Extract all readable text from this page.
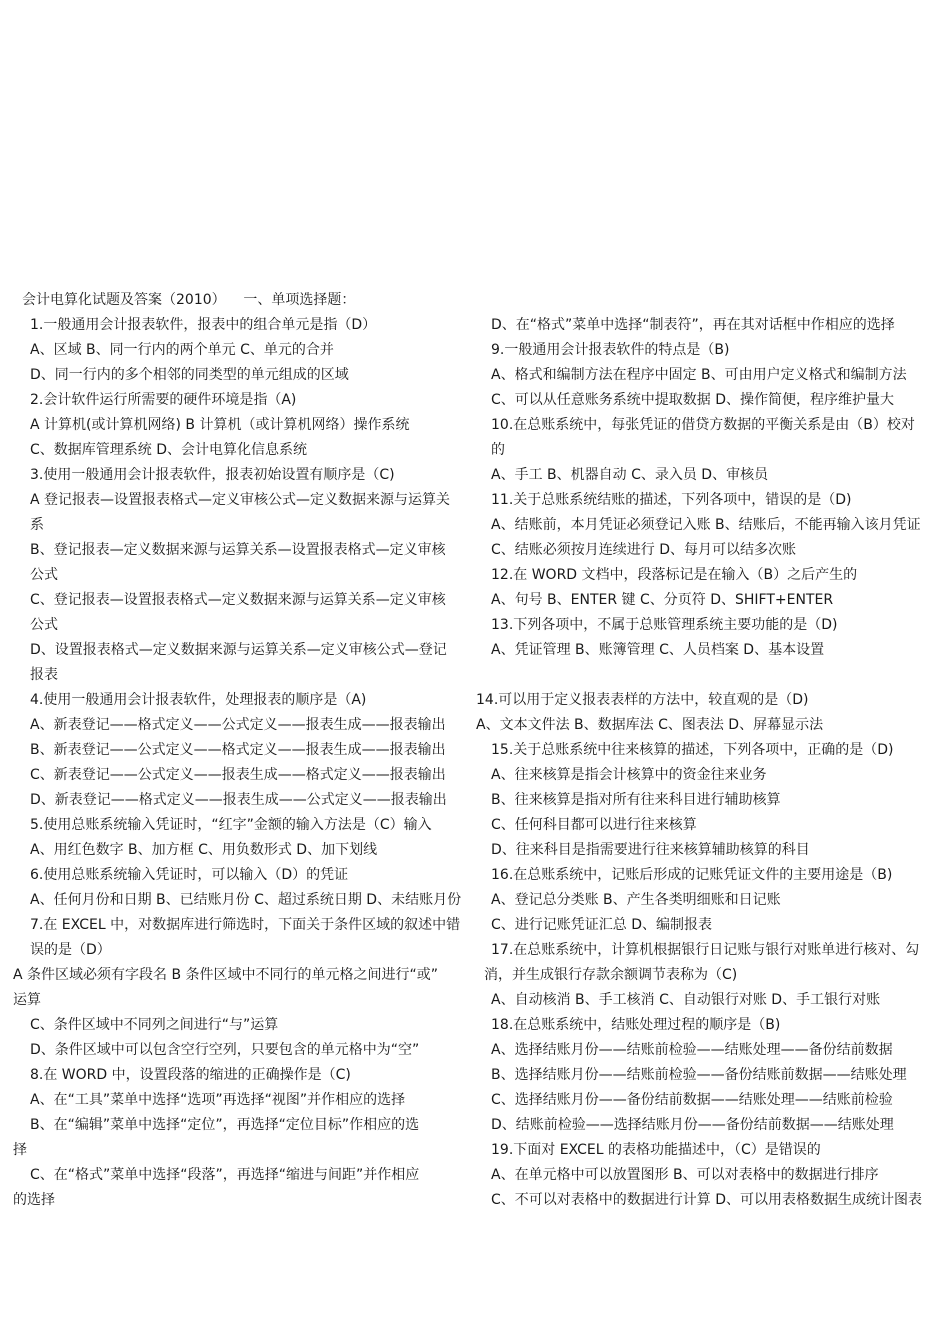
会计电算化试题及答案（2010）    一、单项选择题：
1.一般通用会计报表软件，报表中的组合单元是指（D）
A、区域 B、同一行内的两个单元 C、单元的合并
D、同一行内的多个相邻的同类型的单元组成的区域
2.会计软件运行所需要的硬件环境是指（A)
A 计算机(或计算机网络) B 计算机（或计算机网络）操作系统
C、数据库管理系统 D、会计电算化信息系统
3.使用一般通用会计报表软件，报表初始设置有顺序是（C)
A 登记报表—设置报表格式—定义审核公式—定义数据来源与运算关
系
B、登记报表—定义数据来源与运算关系—设置报表格式—定义审核
公式
C、登记报表—设置报表格式—定义数据来源与运算关系—定义审核
公式
D、设置报表格式—定义数据来源与运算关系—定义审核公式—登记
报表
4.使用一般通用会计报表软件，处理报表的顺序是（A)
A、新表登记——格式定义——公式定义——报表生成——报表输出
B、新表登记——公式定义——格式定义——报表生成——报表输出
C、新表登记——公式定义——报表生成——格式定义——报表输出
D、新表登记——格式定义——报表生成——公式定义——报表输出
5.使用总账系统输入凭证时，“红字”金额的输入方法是（C）输入
A、用红色数字 B、加方框 C、用负数形式 D、加下划线
6.使用总账系统输入凭证时，可以输入（D）的凭证
A、任何月份和日期 B、已结账月份 C、超过系统日期 D、未结账月份
7.在 EXCEL 中，对数据库进行筛选时，下面关于条件区域的叙述中错
误的是（D）
A 条件区域必须有字段名 B 条件区域中不同行的单元格之间进行“或”
运算
C、条件区域中不同列之间进行“与”运算
D、条件区域中可以包含空行空列，只要包含的单元格中为“空”
8.在 WORD 中，设置段落的缩进的正确操作是（C)
A、在“工具”菜单中选择“选项”再选择“视图”并作相应的选择
B、在“编辑”菜单中选择“定位”，再选择“定位目标”作相应的选
择
C、在“格式”菜单中选择“段落”，再选择“缩进与间距”并作相应
的选择
D、在“格式”菜单中选择“制表符”，再在其对话框中作相应的选择
9.一般通用会计报表软件的特点是（B)
A、格式和编制方法在程序中固定 B、可由用户定义格式和编制方法
C、可以从任意账务系统中提取数据 D、操作简便，程序维护量大
10.在总账系统中，每张凭证的借贷方数据的平衡关系是由（B）校对
的
A、手工 B、机器自动 C、录入员 D、审核员
11.关于总账系统结账的描述，下列各项中，错误的是（D)
A、结账前，本月凭证必须登记入账 B、结账后，不能再输入该月凭证
C、结账必须按月连续进行 D、每月可以结多次账
12.在 WORD 文档中，段落标记是在输入（B）之后产生的
A、句号 B、ENTER 键 C、分页符 D、SHIFT+ENTER
13.下列各项中，不属于总账管理系统主要功能的是（D)
A、凭证管理 B、账簿管理 C、人员档案 D、基本设置

14.可以用于定义报表表样的方法中，较直观的是（D)
A、文本文件法 B、数据库法 C、图表法 D、屏幕显示法
15.关于总账系统中往来核算的描述，下列各项中，正确的是（D)
A、往来核算是指会计核算中的资金往来业务
B、往来核算是指对所有往来科目进行辅助核算
C、任何科目都可以进行往来核算
D、往来科目是指需要进行往来核算辅助核算的科目
16.在总账系统中，记账后形成的记账凭证文件的主要用途是（B)
A、登记总分类账 B、产生各类明细账和日记账
C、进行记账凭证汇总 D、编制报表
17.在总账系统中，计算机根据银行日记账与银行对账单进行核对、勾
消，并生成银行存款余额调节表称为（C)
A、自动核消 B、手工核消 C、自动银行对账 D、手工银行对账
18.在总账系统中，结账处理过程的顺序是（B)
A、选择结账月份——结账前检验——结账处理——备份结前数据
B、选择结账月份——结账前检验——备份结账前数据——结账处理
C、选择结账月份——备份结前数据——结账处理——结账前检验
D、结账前检验——选择结账月份——备份结前数据——结账处理
19.下面对 EXCEL 的表格功能描述中，（C）是错误的
A、在单元格中可以放置图形 B、可以对表格中的数据进行排序
C、不可以对表格中的数据进行计算 D、可以用表格数据生成统计图表
